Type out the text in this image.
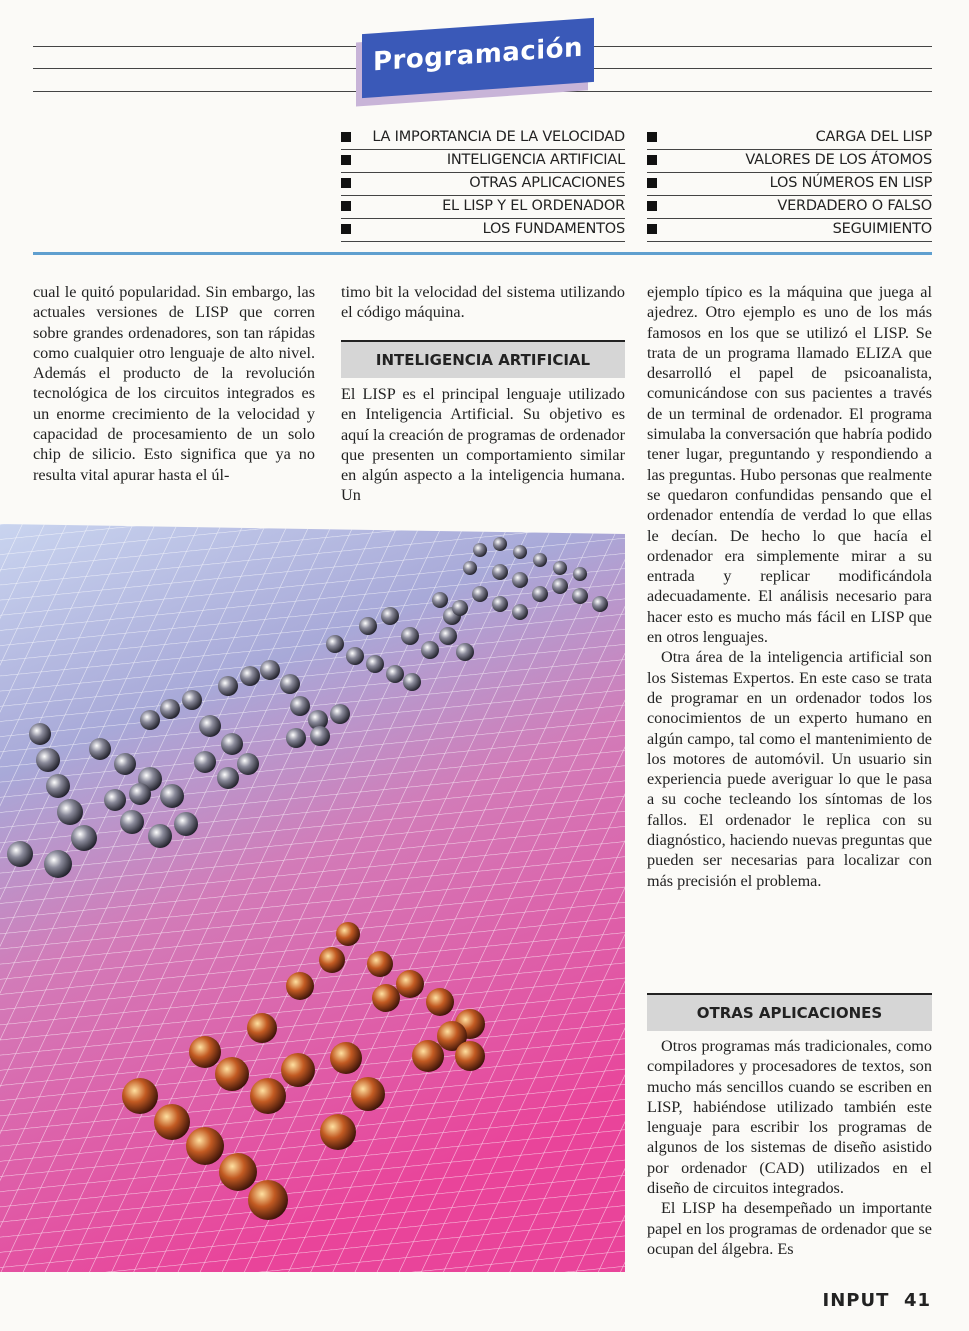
Programación
LA IMPORTANCIA DE LA VELOCIDAD
INTELIGENCIA ARTIFICIAL
OTRAS APLICACIONES
EL LISP Y EL ORDENADOR
LOS FUNDAMENTOS
CARGA DEL LISP
VALORES DE LOS ÁTOMOS
LOS NÚMEROS EN LISP
VERDADERO O FALSO
SEGUIMIENTO

cual le quitó popularidad. Sin embargo, las actuales versiones de LISP que corren sobre grandes ordenadores, son tan rápidas como cualquier otro lenguaje de alto nivel. Además el producto de la revolución tecnológica de los circuitos integrados es un enorme crecimiento de la velocidad y capacidad de procesamiento de un solo chip de silicio. Esto significa que ya no resulta vital apurar hasta el úl-

timo bit la velocidad del sistema utilizando el código máquina.

INTELIGENCIA ARTIFICIAL

El LISP es el principal lenguaje utilizado en Inteligencia Artificial. Su objetivo es aquí la creación de programas de ordenador que presenten un comportamiento similar en algún aspecto a la inteligencia humana. Un

ejemplo típico es la máquina que juega al ajedrez. Otro ejemplo es uno de los más famosos en los que se utilizó el LISP. Se trata de un programa llamado ELIZA que desarrolló el papel de psicoanalista, comunicándose con sus pacientes a través de un terminal de ordenador. El programa simulaba la conversación que habría podido tener lugar, preguntando y respondiendo a las preguntas. Hubo personas que realmente se quedaron confundidas pensando que el ordenador entendía de verdad lo que ellas le decían. De hecho lo que hacía el ordenador era simplemente mirar a su entrada y replicar modificándola adecuadamente. El análisis necesario para hacer esto es mucho más fácil en LISP que en otros lenguajes.

Otra área de la inteligencia artificial son los Sistemas Expertos. En este caso se trata de programar en un ordenador todos los conocimientos de un experto humano en algún campo, tal como el mantenimiento de los motores de automóvil. Un usuario sin experiencia puede averiguar lo que le pasa a su coche tecleando los síntomas de los fallos. El ordenador le replica con su diagnóstico, haciendo nuevas preguntas que pueden ser necesarias para localizar con más precisión el problema.

OTRAS APLICACIONES

Otros programas más tradicionales, como compiladores y procesadores de textos, son mucho más sencillos cuando se escriben en LISP, habiéndose utilizado también este lenguaje para escribir los programas de algunos de los sistemas de diseño asistido por ordenador (CAD) utilizados en el diseño de circuitos integrados.

El LISP ha desempeñado un importante papel en los programas de ordenador que se ocupan del álgebra. Es

INPUT 41
